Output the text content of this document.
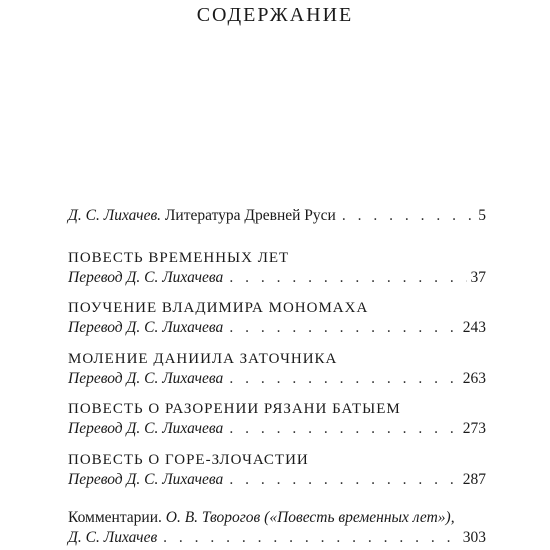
СОДЕРЖАНИЕ
Д. С. Лихачев. Литература Древней Руси . . .	5
ПОВЕСТЬ ВРЕМЕННЫХ ЛЕТ
Перевод Д. С. Лихачева . . .	37
ПОУЧЕНИЕ ВЛАДИМИРА МОНОМАХА
Перевод Д. С. Лихачева . . .	243
МОЛЕНИЕ ДАНИИЛА ЗАТОЧНИКА
Перевод Д. С. Лихачева . . .	263
ПОВЕСТЬ О РАЗОРЕНИИ РЯЗАНИ БАТЫЕМ
Перевод Д. С. Лихачева . . .	273
ПОВЕСТЬ О ГОРЕ-ЗЛОЧАСТИИ
Перевод Д. С. Лихачева . . .	287
Комментарии. О. В. Творогов («Повесть временных лет»),
Д. С. Лихачев . . .	303
